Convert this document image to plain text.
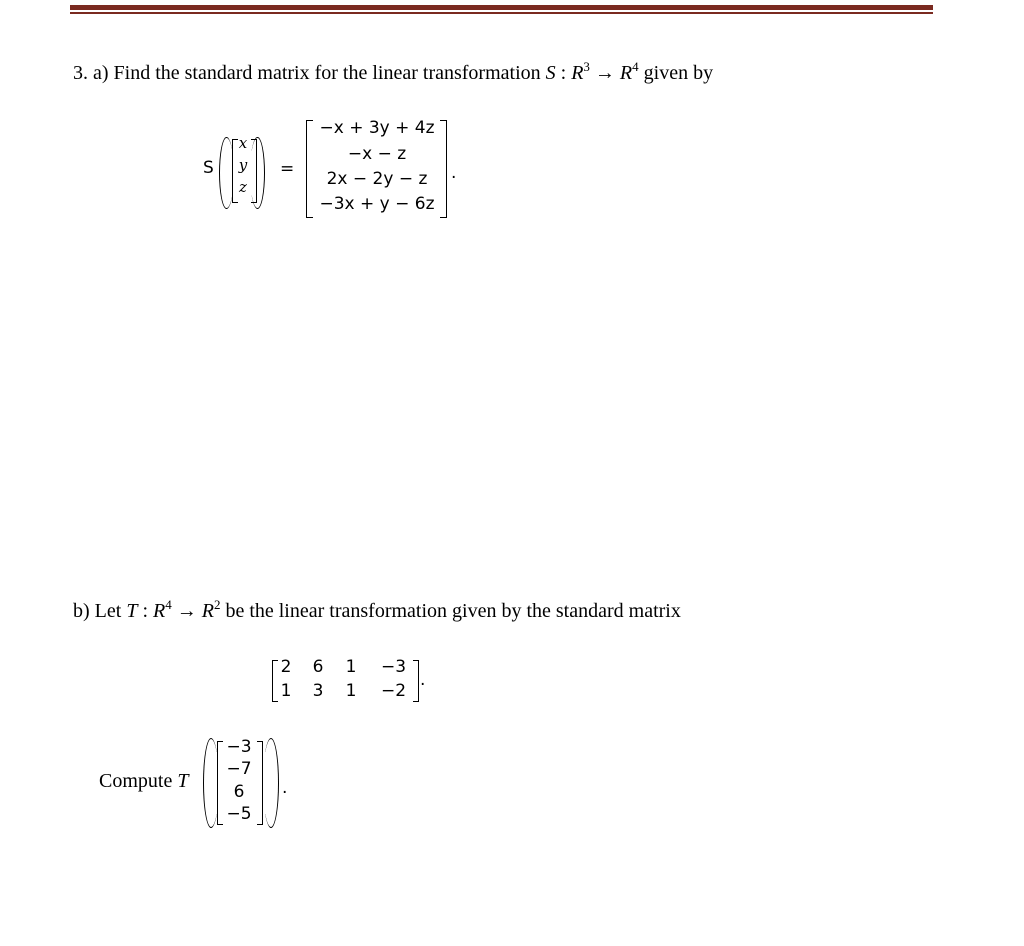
3. a) Find the standard matrix for the linear transformation S : $R^3 \to R^4$ given by
S
x
y
z
=
−x + 3y + 4z
−x − z
2x − 2y − z
−3x + y − 6z
.
b) Let T : $R^4 \to R^2$ be the linear transformation given by the standard matrix
2 6 1 −3
1 3 1 −2
.
Compute T
−3
−7
6
−5
.
